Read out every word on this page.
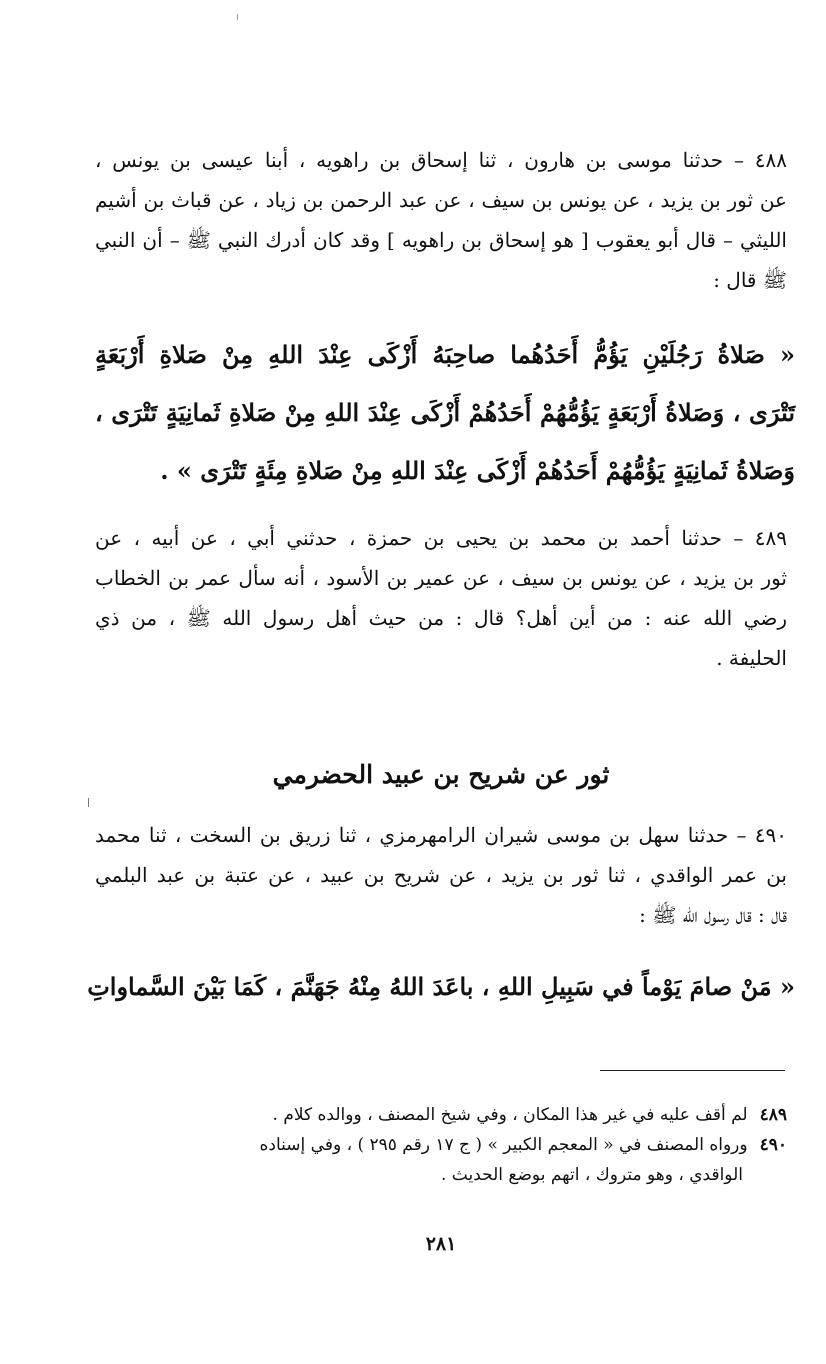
٤٨٨ – حدثنا موسى بن هارون ، ثنا إسحاق بن راهويه ، أبنا عيسى بن يونس ،
عن ثور بن يزيد ، عن يونس بن سيف ، عن عبد الرحمن بن زياد ، عن قباث بن أشيم
الليثي – قال أبو يعقوب [ هو إسحاق بن راهويه ] وقد كان أدرك النبي ﷺ – أن النبي
ﷺ قال :
« صَلاةُ رَجُلَيْنِ يَؤُمُّ أَحَدُهُما صاحِبَهُ أَزْكَى عِنْدَ اللهِ مِنْ صَلاةِ أَرْبَعَةٍ
تَتْرَى ، وَصَلاةُ أَرْبَعَةٍ يَؤُمُّهُمْ أَحَدُهُمْ أَزْكَى عِنْدَ اللهِ مِنْ صَلاةِ ثَمانِيَةٍ تَتْرَى ،
وَصَلاةُ ثَمانِيَةٍ يَؤُمُّهُمْ أَحَدُهُمْ أَزْكَى عِنْدَ اللهِ مِنْ صَلاةِ مِئَةٍ تَتْرَى » .
٤٨٩ – حدثنا أحمد بن محمد بن يحيى بن حمزة ، حدثني أبي ، عن أبيه ، عن
ثور بن يزيد ، عن يونس بن سيف ، عن عمير بن الأسود ، أنه سأل عمر بن الخطاب
رضي الله عنه : من أين أهل؟ قال : من حيث أهل رسول الله ﷺ ، من ذي
الحليفة .
ثور عن شريح بن عبيد الحضرمي
٤٩٠ – حدثنا سهل بن موسى شيران الرامهرمزي ، ثنا زريق بن السخت ، ثنا محمد
بن عمر الواقدي ، ثنا ثور بن يزيد ، عن شريح بن عبيد ، عن عتبة بن عبد البلمي
قال : قال رسول الله ﷺ :
« مَنْ صامَ يَوْماً في سَبِيلِ اللهِ ، باعَدَ اللهُ مِنْهُ جَهَنَّمَ ، كَمَا بَيْنَ السَّماواتِ
٤٨٩لم أقف عليه في غير هذا المكان ، وفي شيخ المصنف ، ووالده كلام .
٤٩٠ورواه المصنف في « المعجم الكبير » ( ج ١٧ رقم ٢٩٥ ) ، وفي إسناده
الواقدي ، وهو متروك ، اتهم بوضع الحديث .
٢٨١
